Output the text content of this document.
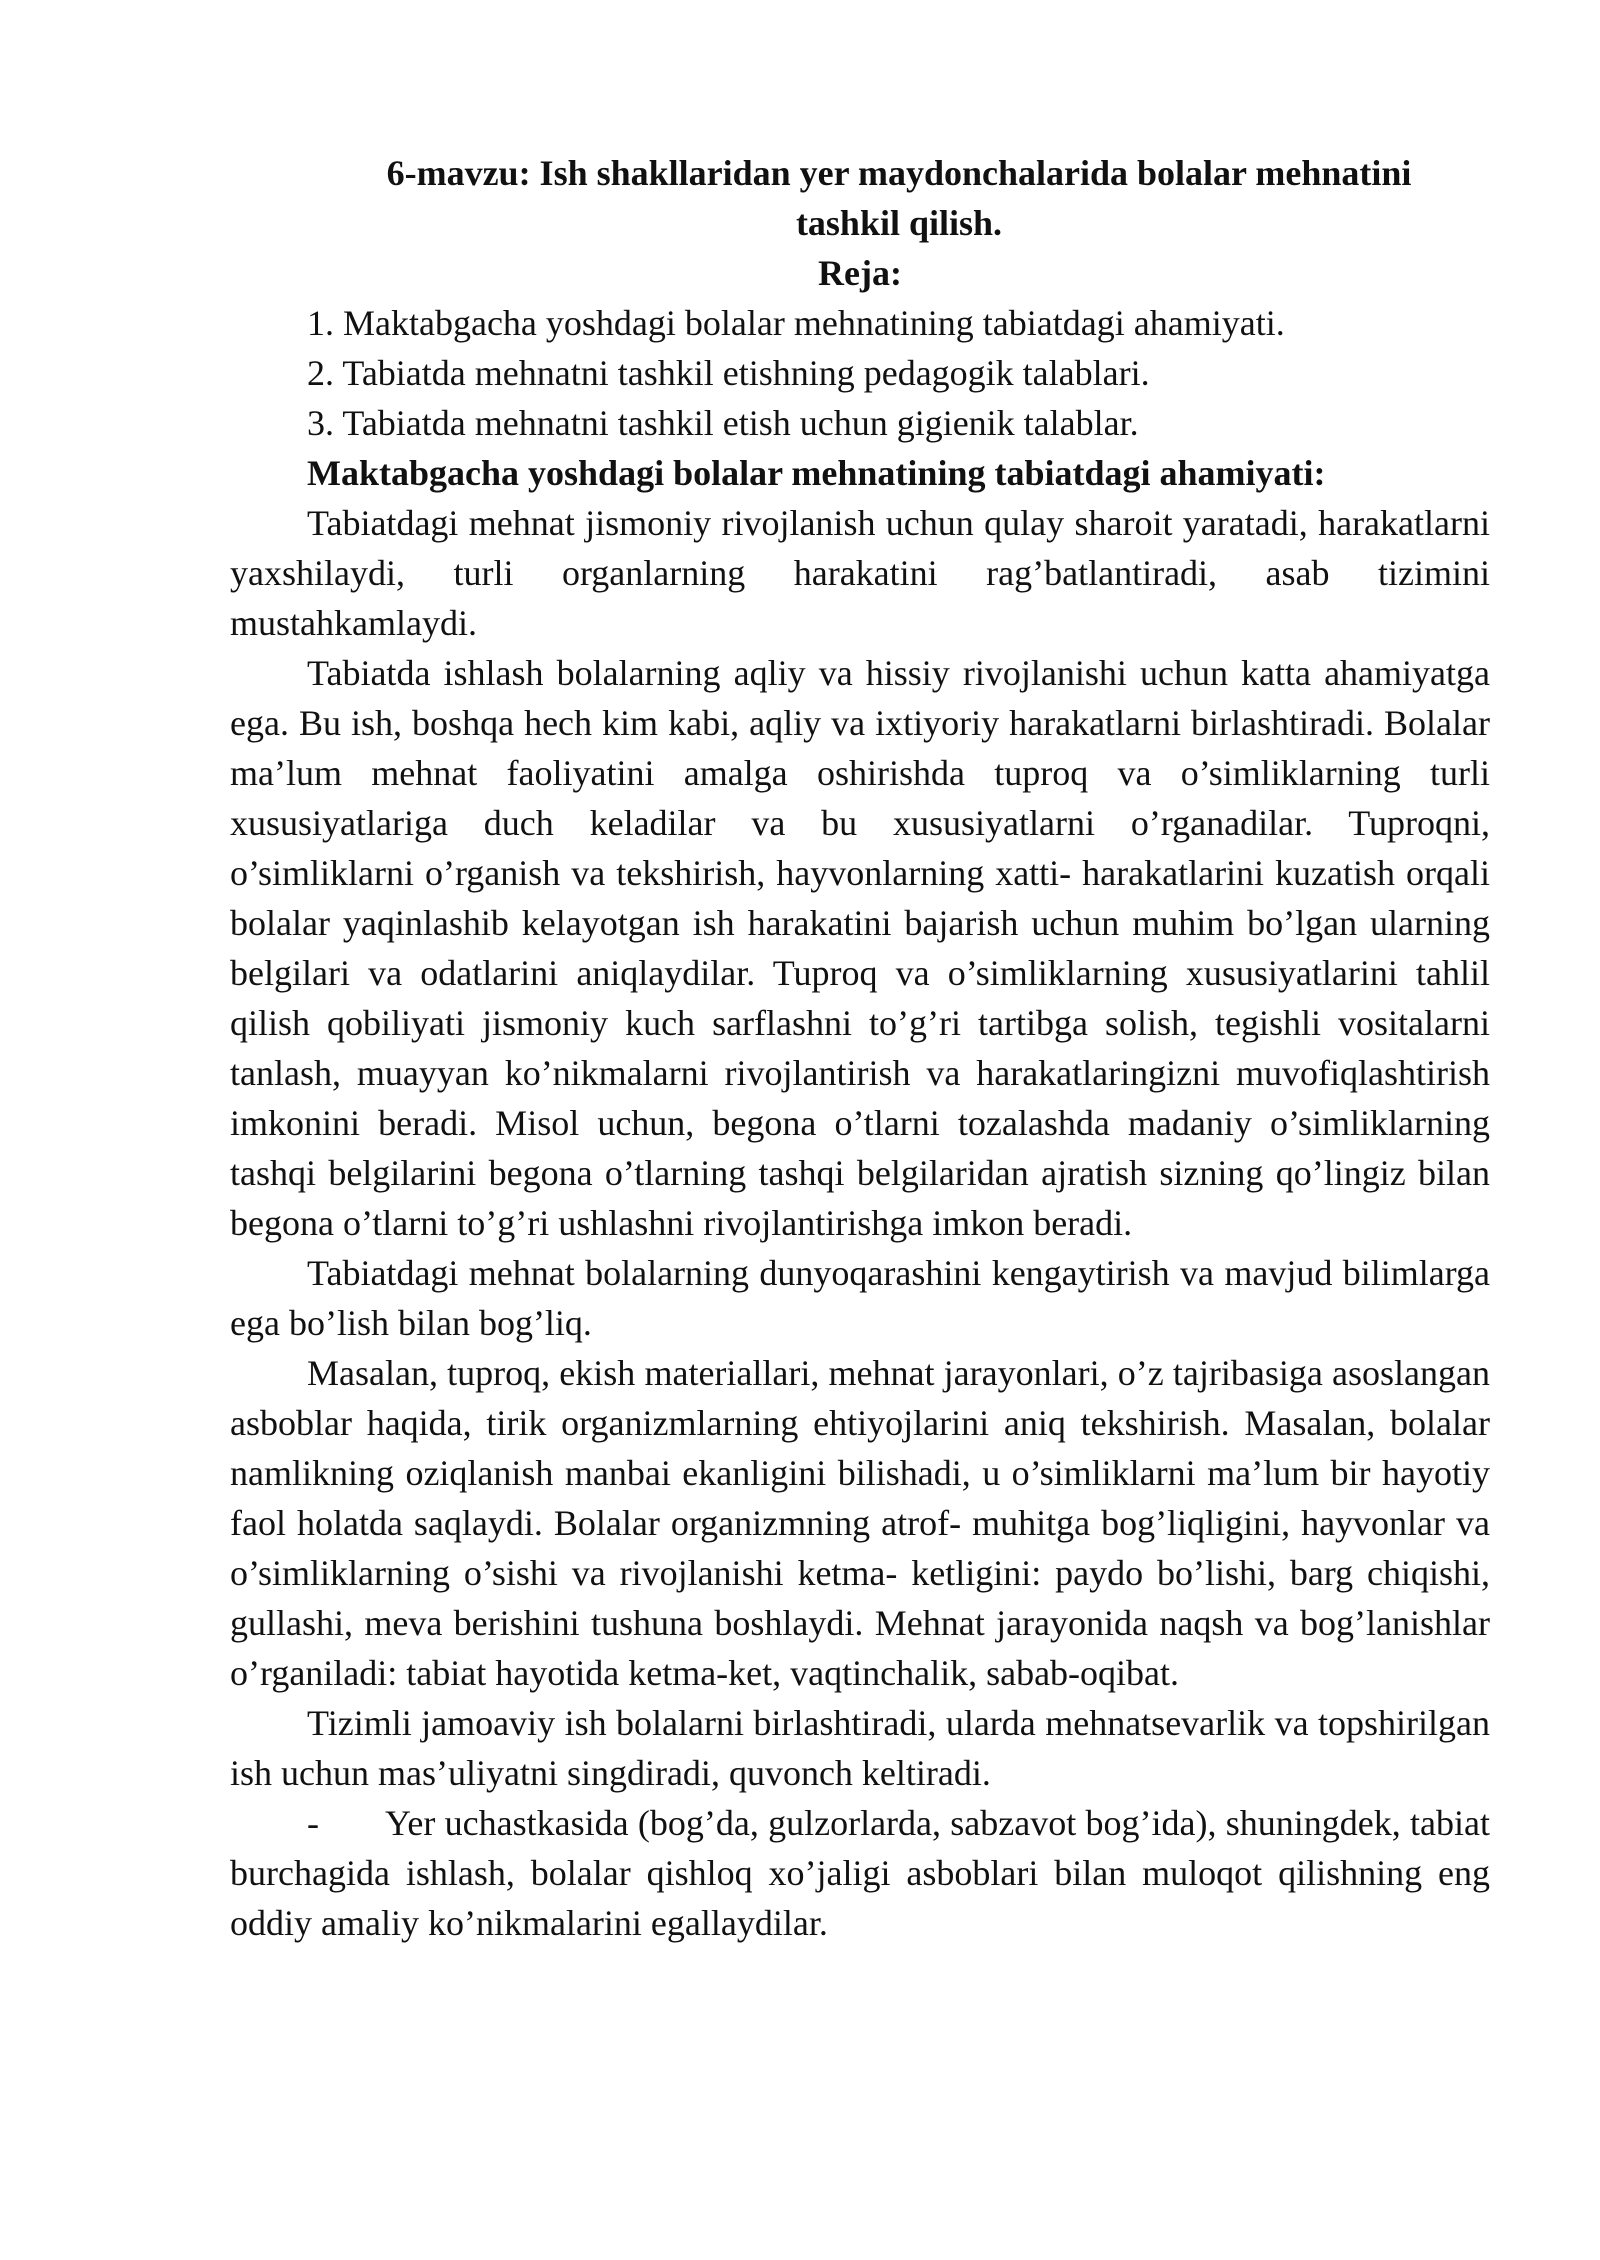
6-mavzu: Ish shakllaridan yer maydonchalarida bolalar mehnatini
tashkil qilish.
Reja:
1. Maktabgacha yoshdagi bolalar mehnatining tabiatdagi ahamiyati.
2. Tabiatda mehnatni tashkil etishning pedagogik talablari.
3. Tabiatda mehnatni tashkil etish uchun gigienik talablar.
Maktabgacha yoshdagi bolalar mehnatining tabiatdagi ahamiyati:

Tabiatdagi mehnat jismoniy rivojlanish uchun qulay sharoit yaratadi, harakatlarni yaxshilaydi, turli organlarning harakatini rag’batlantiradi, asab tizimini mustahkamlaydi.

Tabiatda ishlash bolalarning aqliy va hissiy rivojlanishi uchun katta ahamiyatga ega. Bu ish, boshqa hech kim kabi, aqliy va ixtiyoriy harakatlarni birlashtiradi. Bolalar ma’lum mehnat faoliyatini amalga oshirishda tuproq va o’simliklarning turli xususiyatlariga duch keladilar va bu xususiyatlarni o’rganadilar. Tuproqni, o’simliklarni o’rganish va tekshirish, hayvonlarning xatti- harakatlarini kuzatish orqali bolalar yaqinlashib kelayotgan ish harakatini bajarish uchun muhim bo’lgan ularning belgilari va odatlarini aniqlaydilar. Tuproq va o’simliklarning xususiyatlarini tahlil qilish qobiliyati jismoniy kuch sarflashni to’g’ri tartibga solish, tegishli vositalarni tanlash, muayyan ko’nikmalarni rivojlantirish va harakatlaringizni muvofiqlashtirish imkonini beradi. Misol uchun, begona o’tlarni tozalashda madaniy o’simliklarning tashqi belgilarini begona o’tlarning tashqi belgilaridan ajratish sizning qo’lingiz bilan begona o’tlarni to’g’ri ushlashni rivojlantirishga imkon beradi.

Tabiatdagi mehnat bolalarning dunyoqarashini kengaytirish va mavjud bilimlarga ega bo’lish bilan bog’liq.

Masalan, tuproq, ekish materiallari, mehnat jarayonlari, o’z tajribasiga asoslangan asboblar haqida, tirik organizmlarning ehtiyojlarini aniq tekshirish. Masalan, bolalar namlikning oziqlanish manbai ekanligini bilishadi, u o’simliklarni ma’lum bir hayotiy faol holatda saqlaydi. Bolalar organizmning atrof- muhitga bog’liqligini, hayvonlar va o’simliklarning o’sishi va rivojlanishi ketma- ketligini: paydo bo’lishi, barg chiqishi, gullashi, meva berishini tushuna boshlaydi. Mehnat jarayonida naqsh va bog’lanishlar o’rganiladi: tabiat hayotida ketma-ket, vaqtinchalik, sabab-oqibat.

Tizimli jamoaviy ish bolalarni birlashtiradi, ularda mehnatsevarlik va topshirilgan ish uchun mas’uliyatni singdiradi, quvonch keltiradi.

- Yer uchastkasida (bog’da, gulzorlarda, sabzavot bog’ida), shuningdek, tabiat burchagida ishlash, bolalar qishloq xo’jaligi asboblari bilan muloqot qilishning eng oddiy amaliy ko’nikmalarini egallaydilar.
